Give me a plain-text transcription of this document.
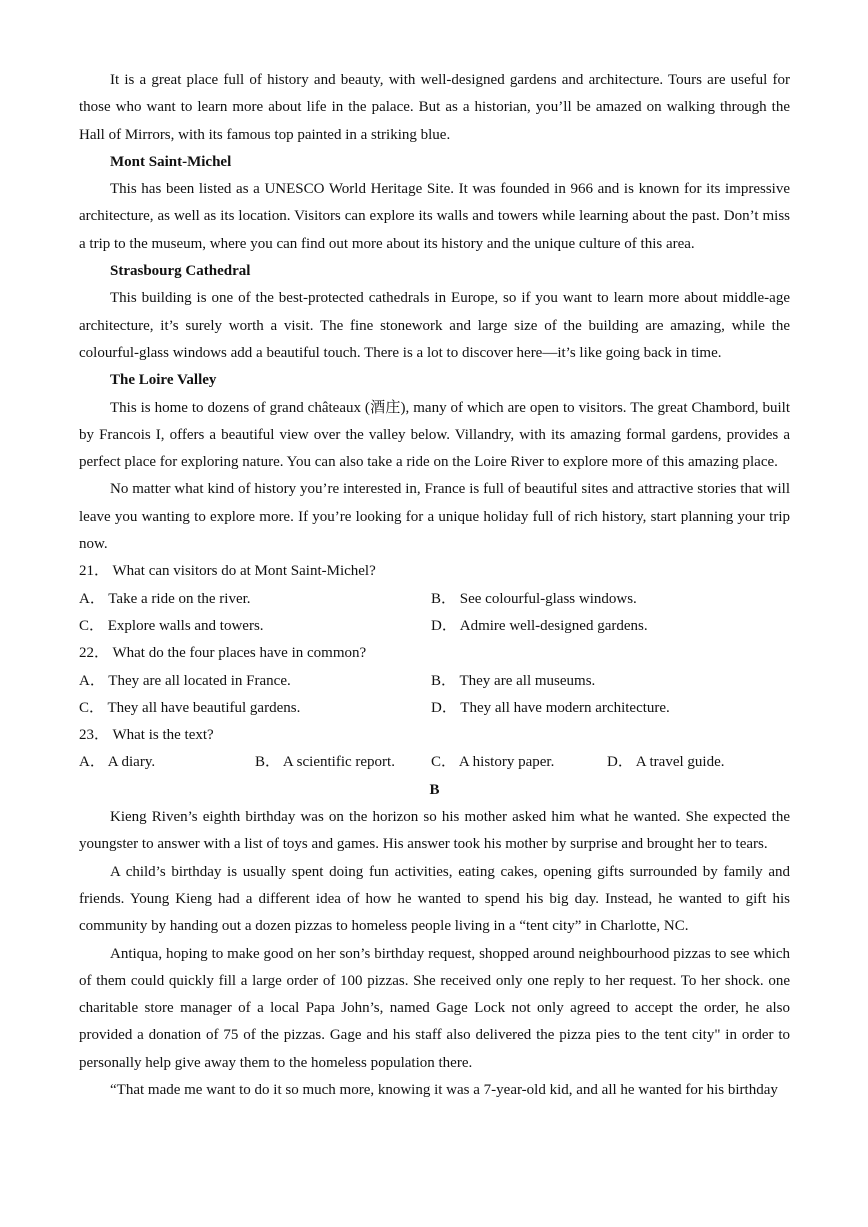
It is a great place full of history and beauty, with well-designed gardens and architecture. Tours are useful for those who want to learn more about life in the palace. But as a historian, you’ll be amazed on walking through the Hall of Mirrors, with its famous top painted in a striking blue.

Mont Saint-Michel

This has been listed as a UNESCO World Heritage Site. It was founded in 966 and is known for its impressive architecture, as well as its location. Visitors can explore its walls and towers while learning about the past. Don’t miss a trip to the museum, where you can find out more about its history and the unique culture of this area.

Strasbourg Cathedral

This building is one of the best-protected cathedrals in Europe, so if you want to learn more about middle-age architecture, it’s surely worth a visit. The fine stonework and large size of the building are amazing, while the colourful-glass windows add a beautiful touch. There is a lot to discover here—it’s like going back in time.

The Loire Valley

This is home to dozens of grand châteaux (酒庄), many of which are open to visitors. The great Chambord, built by Francois I, offers a beautiful view over the valley below. Villandry, with its amazing formal gardens, provides a perfect place for exploring nature. You can also take a ride on the Loire River to explore more of this amazing place.

No matter what kind of history you’re interested in, France is full of beautiful sites and attractive stories that will leave you wanting to explore more. If you’re looking for a unique holiday full of rich history, start planning your trip now.

21． What can visitors do at Mont Saint-Michel?
A． Take a ride on the river.	B． See colourful-glass windows.
C． Explore walls and towers.	D． Admire well-designed gardens.
22． What do the four places have in common?
A． They are all located in France.	B． They are all museums.
C． They all have beautiful gardens.	D． They all have modern architecture.
23． What is the text?
A． A diary.	B． A scientific report.	C． A history paper.	D． A travel guide.
B

Kieng Riven’s eighth birthday was on the horizon so his mother asked him what he wanted. She expected the youngster to answer with a list of toys and games. His answer took his mother by surprise and brought her to tears.

A child’s birthday is usually spent doing fun activities, eating cakes, opening gifts surrounded by family and friends. Young Kieng had a different idea of how he wanted to spend his big day. Instead, he wanted to gift his community by handing out a dozen pizzas to homeless people living in a “tent city” in Charlotte, NC.

Antiqua, hoping to make good on her son’s birthday request, shopped around neighbourhood pizzas to see which of them could quickly fill a large order of 100 pizzas. She received only one reply to her request. To her shock. one charitable store manager of a local Papa John’s, named Gage Lock not only agreed to accept the order, he also provided a donation of 75 of the pizzas. Gage and his staff also delivered the pizza pies to the tent city" in order to personally help give away them to the homeless population there.

“That made me want to do it so much more, knowing it was a 7-year-old kid, and all he wanted for his birthday
